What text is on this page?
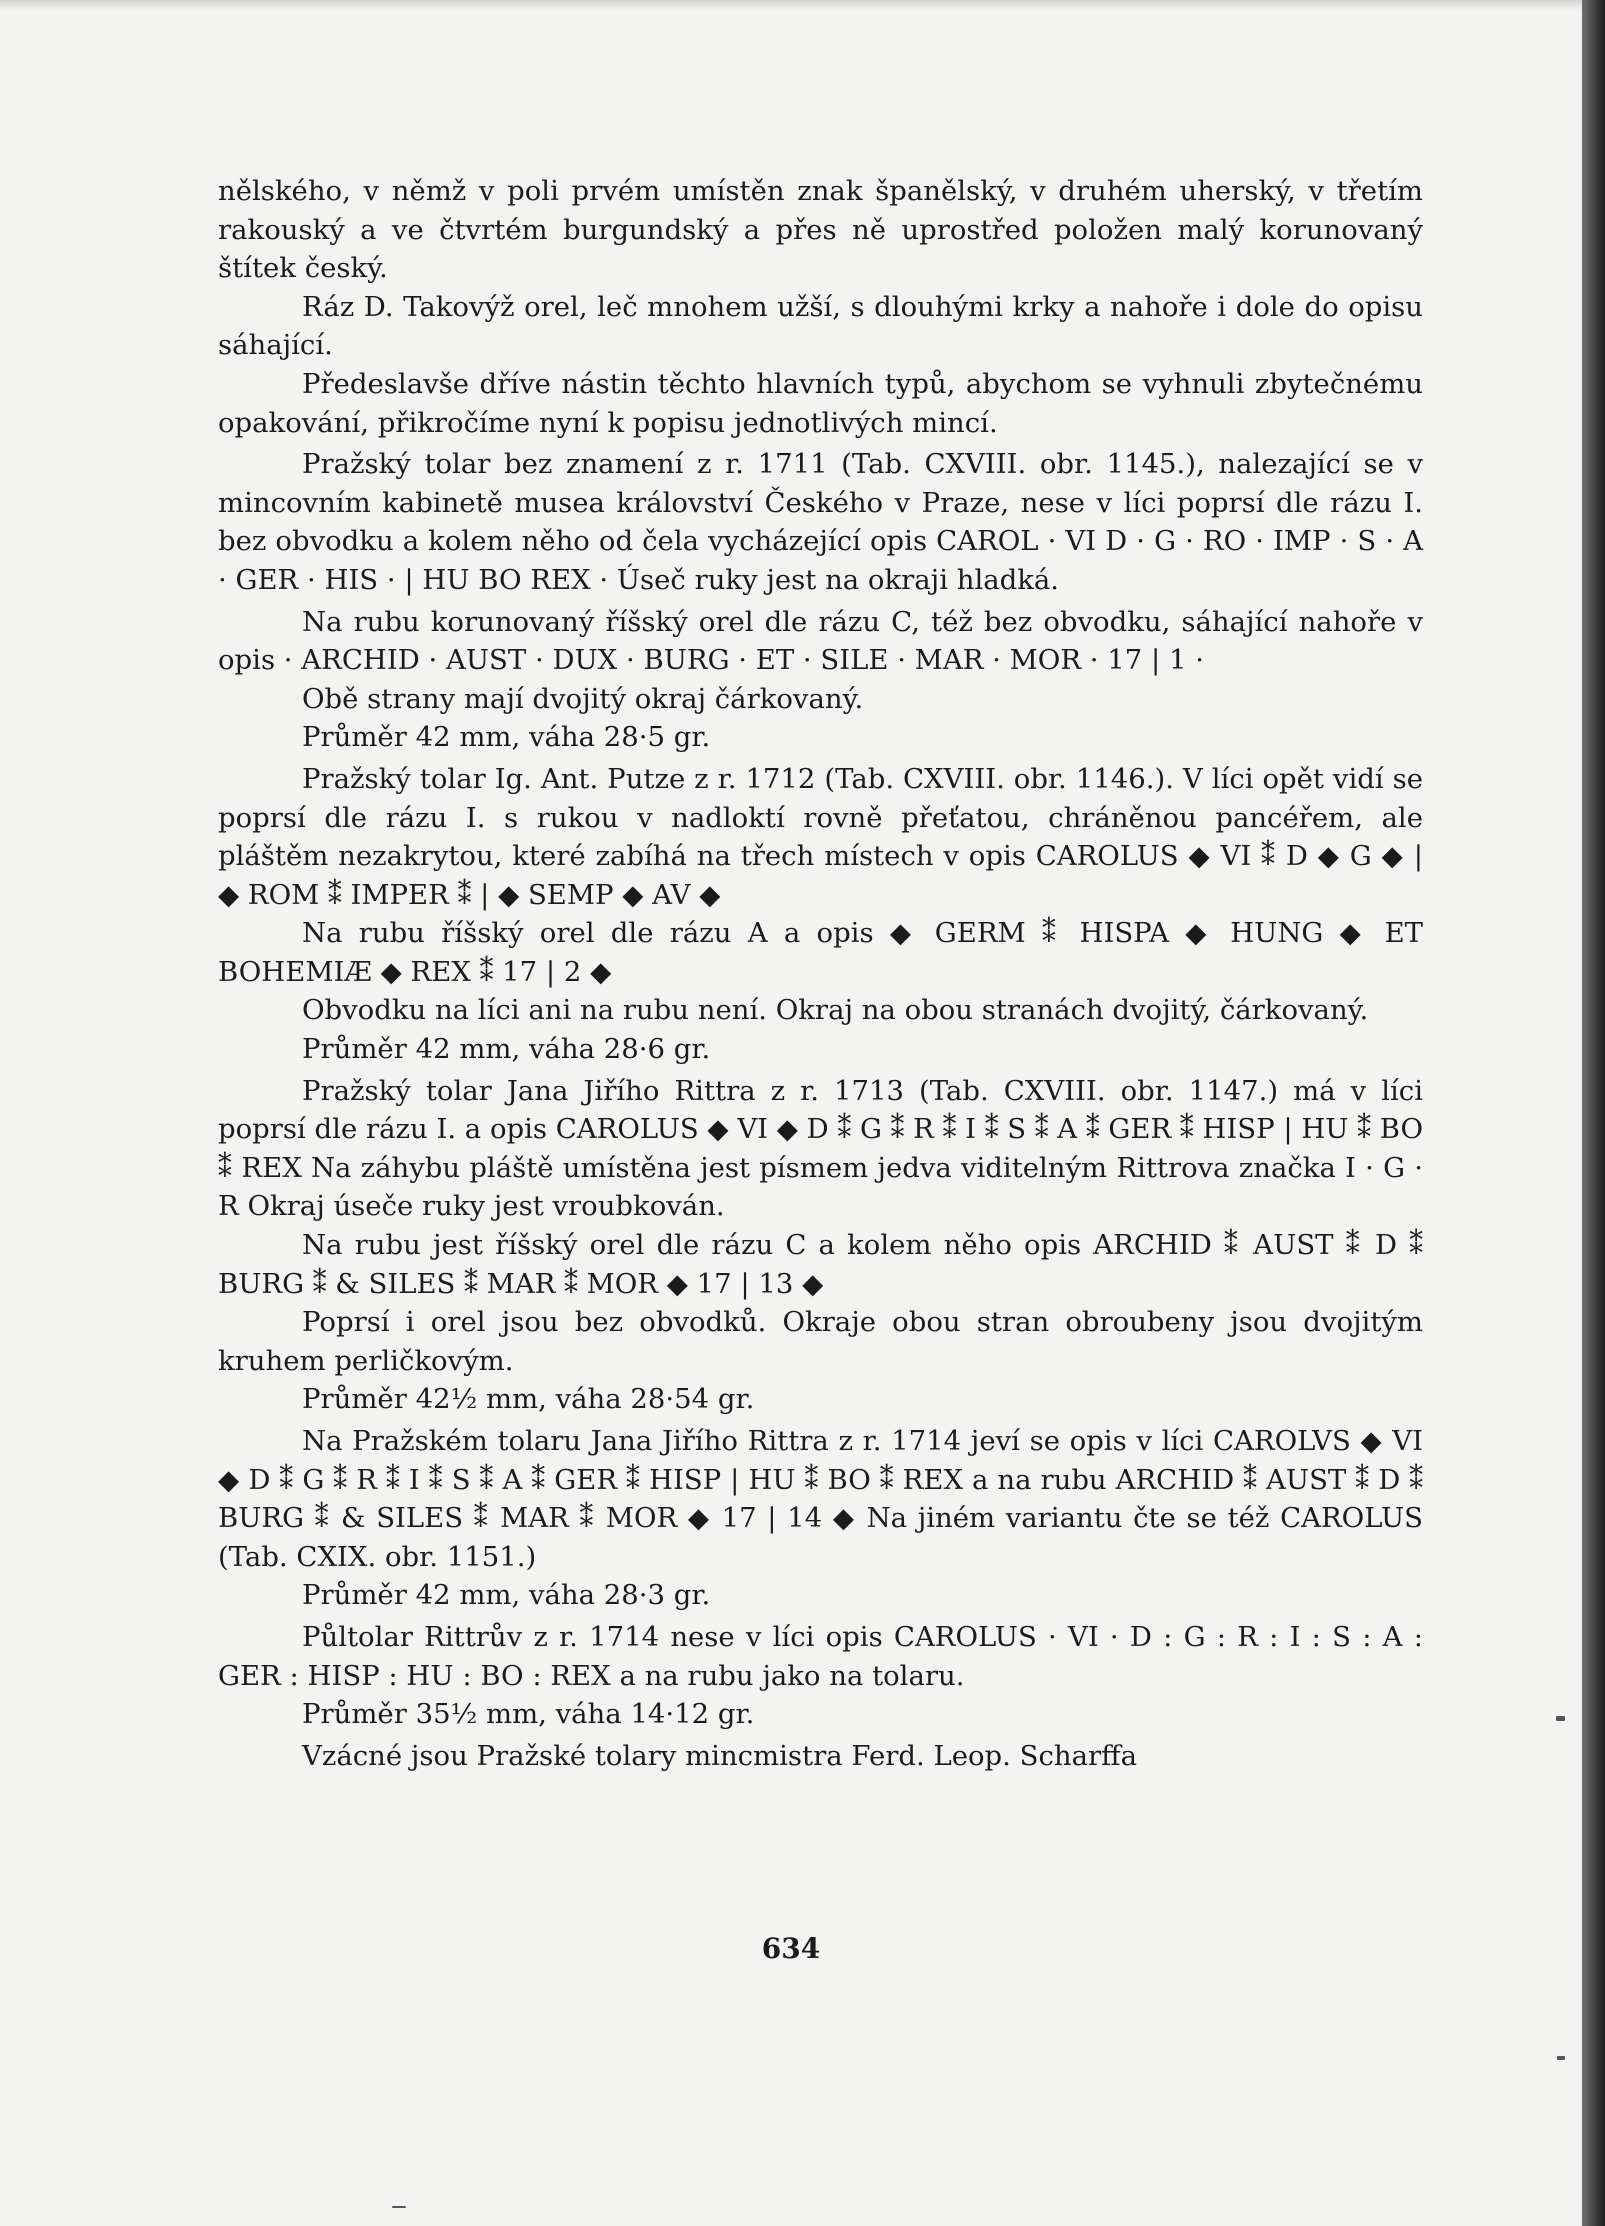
nělského, v němž v poli prvém umístěn znak španělský, v druhém uherský, v třetím rakouský a ve čtvrtém burgundský a přes ně uprostřed položen malý korunovaný štítek český.

Ráz D. Takovýž orel, leč mnohem užší, s dlouhými krky a nahoře i dole do opisu sáhající.

Předeslavše dříve nástin těchto hlavních typů, abychom se vyhnuli zbytečnému opakování, přikročíme nyní k popisu jednotlivých mincí.

Pražský tolar bez znamení z r. 1711 (Tab. CXVIII. obr. 1145.), nalezající se v mincovním kabinetě musea království Českého v Praze, nese v líci poprsí dle rázu I. bez obvodku a kolem něho od čela vycházející opis CAROL · VI D · G · RO · IMP · S · A · GER · HIS · | HU BO REX · Úseč ruky jest na okraji hladká.

Na rubu korunovaný říšský orel dle rázu C, též bez obvodku, sáhající nahoře v opis · ARCHID · AUST · DUX · BURG · ET · SILE · MAR · MOR · 17 | 1 ·

Obě strany mají dvojitý okraj čárkovaný.

Průměr 42 mm, váha 28·5 gr.

Pražský tolar Ig. Ant. Putze z r. 1712 (Tab. CXVIII. obr. 1146.). V líci opět vidí se poprsí dle rázu I. s rukou v nadloktí rovně přeťatou, chráněnou pancéřem, ale pláštěm nezakrytou, které zabíhá na třech místech v opis CAROLUS ◆ VI ⁑ D ◆ G ◆ | ◆ ROM ⁑ IMPER ⁑ | ◆ SEMP ◆ AV ◆

Na rubu říšský orel dle rázu A a opis ◆ GERM ⁑ HISPA ◆ HUNG ◆ ET BOHEMIÆ ◆ REX ⁑ 17 | 2 ◆

Obvodku na líci ani na rubu není. Okraj na obou stranách dvojitý, čárkovaný.

Průměr 42 mm, váha 28·6 gr.

Pražský tolar Jana Jiřího Rittra z r. 1713 (Tab. CXVIII. obr. 1147.) má v líci poprsí dle rázu I. a opis CAROLUS ◆ VI ◆ D ⁑ G ⁑ R ⁑ I ⁑ S ⁑ A ⁑ GER ⁑ HISP | HU ⁑ BO ⁑ REX Na záhybu pláště umístěna jest písmem jedva viditelným Rittrova značka I · G · R Okraj úseče ruky jest vroubkován.

Na rubu jest říšský orel dle rázu C a kolem něho opis ARCHID ⁑ AUST ⁑ D ⁑ BURG ⁑ & SILES ⁑ MAR ⁑ MOR ◆ 17 | 13 ◆

Poprsí i orel jsou bez obvodků. Okraje obou stran obroubeny jsou dvojitým kruhem perličkovým.

Průměr 42½ mm, váha 28·54 gr.

Na Pražském tolaru Jana Jiřího Rittra z r. 1714 jeví se opis v líci CAROLVS ◆ VI ◆ D ⁑ G ⁑ R ⁑ I ⁑ S ⁑ A ⁑ GER ⁑ HISP | HU ⁑ BO ⁑ REX a na rubu ARCHID ⁑ AUST ⁑ D ⁑ BURG ⁑ & SILES ⁑ MAR ⁑ MOR ◆ 17 | 14 ◆ Na jiném variantu čte se též CAROLUS (Tab. CXIX. obr. 1151.)

Průměr 42 mm, váha 28·3 gr.

Půltolar Rittrův z r. 1714 nese v líci opis CAROLUS · VI · D : G : R : I : S : A : GER : HISP : HU : BO : REX a na rubu jako na tolaru.

Průměr 35½ mm, váha 14·12 gr.

Vzácné jsou Pražské tolary mincmistra Ferd. Leop. Scharffa

634
